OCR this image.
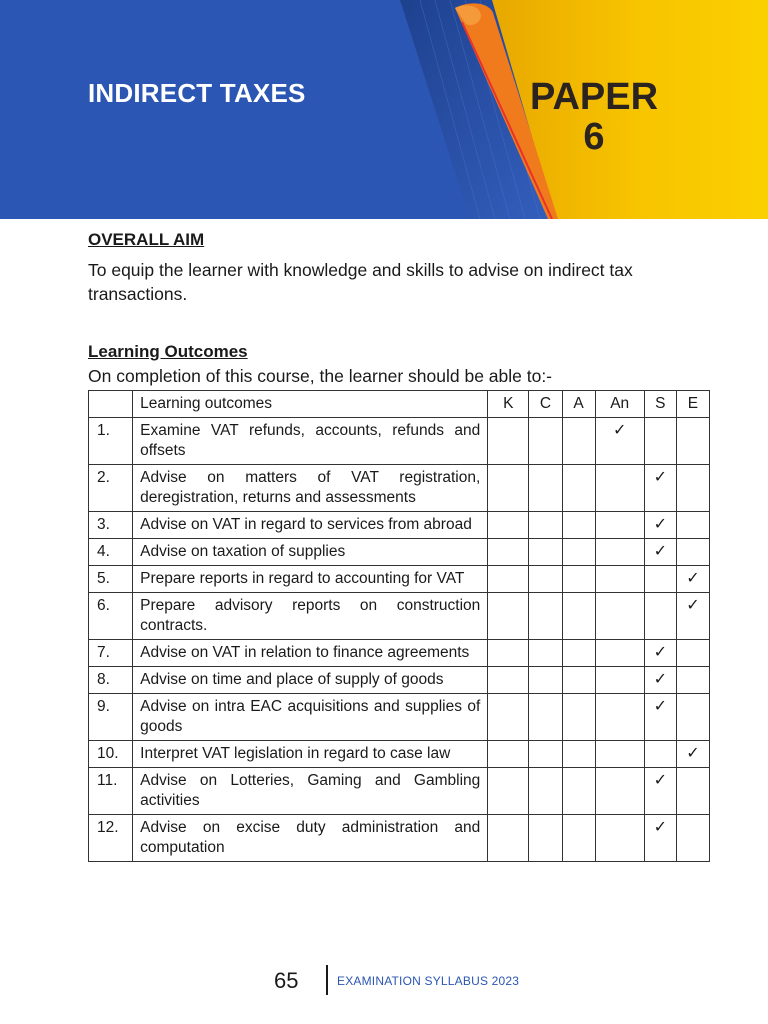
INDIRECT TAXES	PAPER
6
OVERALL AIM

To equip the learner with knowledge and skills to advise on indirect tax transactions.

Learning Outcomes

On completion of this course, the learner should be able to:-

	Learning outcomes	K	C	A	An	S	E
1.	Examine VAT refunds, accounts, refunds and offsets				✓		
2.	Advise on matters of VAT registration, deregistration, returns and assessments					✓	
3.	Advise on VAT in regard to services from abroad					✓	
4.	Advise on taxation of supplies					✓	
5.	Prepare reports in regard to accounting for VAT						✓
6.	Prepare advisory reports on construction contracts.						✓
7.	Advise on VAT in relation to finance agreements					✓	
8.	Advise on time and place of supply of goods					✓	
9.	Advise on intra EAC acquisitions and supplies of goods					✓	
10.	Interpret VAT legislation in regard to case law						✓
11.	Advise on Lotteries, Gaming and Gambling activities					✓	
12.	Advise on excise duty administration and computation					✓	
65	EXAMINATION SYLLABUS 2023
